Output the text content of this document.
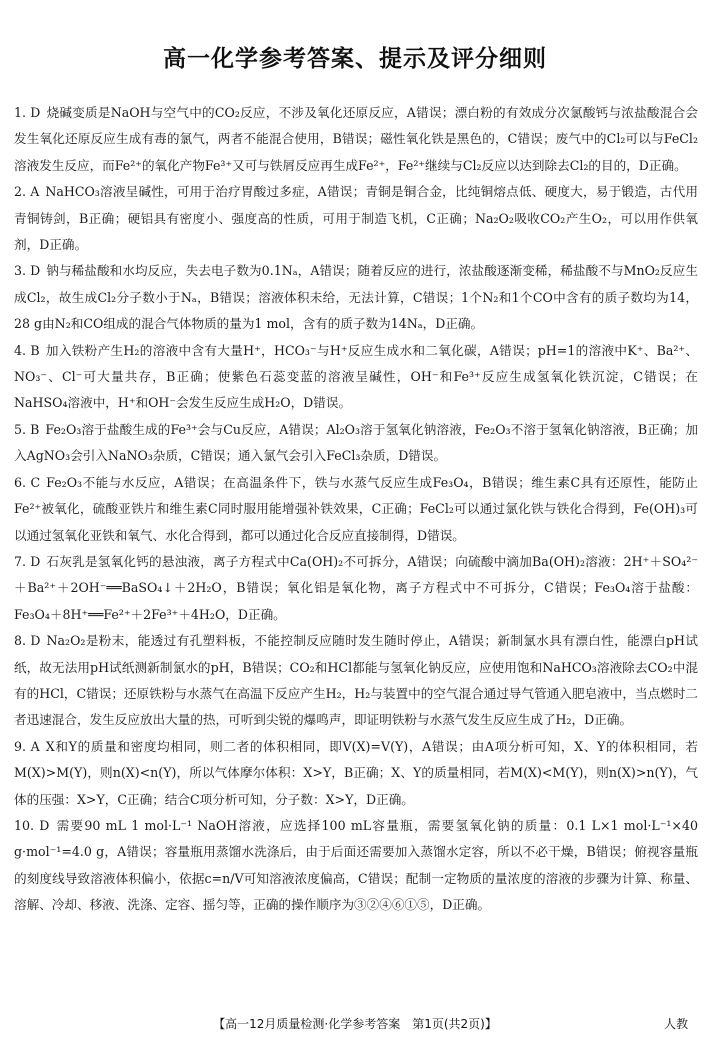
高一化学参考答案、提示及评分细则
1. D 烧碱变质是NaOH与空气中的CO₂反应，不涉及氧化还原反应，A错误；漂白粉的有效成分次氯酸钙与浓盐酸混合会发生氧化还原反应生成有毒的氯气，两者不能混合使用，B错误；磁性氧化铁是黑色的，C错误；废气中的Cl₂可以与FeCl₂溶液发生反应，而Fe²⁺的氧化产物Fe³⁺又可与铁屑反应再生成Fe²⁺，Fe²⁺继续与Cl₂反应以达到除去Cl₂的目的，D正确。
2. A NaHCO₃溶液呈碱性，可用于治疗胃酸过多症，A错误；青铜是铜合金，比纯铜熔点低、硬度大，易于锻造，古代用青铜铸剑，B正确；硬铝具有密度小、强度高的性质，可用于制造飞机，C正确；Na₂O₂吸收CO₂产生O₂，可以用作供氧剂，D正确。
3. D 钠与稀盐酸和水均反应，失去电子数为0.1Nₐ，A错误；随着反应的进行，浓盐酸逐渐变稀，稀盐酸不与MnO₂反应生成Cl₂，故生成Cl₂分子数小于Nₐ，B错误；溶液体积未给，无法计算，C错误；1个N₂和1个CO中含有的质子数均为14，28 g由N₂和CO组成的混合气体物质的量为1 mol，含有的质子数为14Nₐ，D正确。
4. B 加入铁粉产生H₂的溶液中含有大量H⁺，HCO₃⁻与H⁺反应生成水和二氧化碳，A错误；pH=1的溶液中K⁺、Ba²⁺、NO₃⁻、Cl⁻可大量共存，B正确；使紫色石蕊变蓝的溶液呈碱性，OH⁻和Fe³⁺反应生成氢氧化铁沉淀，C错误；在NaHSO₄溶液中，H⁺和OH⁻会发生反应生成H₂O，D错误。
5. B Fe₂O₃溶于盐酸生成的Fe³⁺会与Cu反应，A错误；Al₂O₃溶于氢氧化钠溶液，Fe₂O₃不溶于氢氧化钠溶液，B正确；加入AgNO₃会引入NaNO₃杂质，C错误；通入氯气会引入FeCl₃杂质，D错误。
6. C Fe₂O₃不能与水反应，A错误；在高温条件下，铁与水蒸气反应生成Fe₃O₄，B错误；维生素C具有还原性，能防止Fe²⁺被氧化，硫酸亚铁片和维生素C同时服用能增强补铁效果，C正确；FeCl₂可以通过氯化铁与铁化合得到，Fe(OH)₃可以通过氢氧化亚铁和氧气、水化合得到，都可以通过化合反应直接制得，D错误。
7. D 石灰乳是氢氧化钙的悬浊液，离子方程式中Ca(OH)₂不可拆分，A错误；向硫酸中滴加Ba(OH)₂溶液：2H⁺＋SO₄²⁻＋Ba²⁺＋2OH⁻══BaSO₄↓＋2H₂O，B错误；氧化铝是氧化物，离子方程式中不可拆分，C错误；Fe₃O₄溶于盐酸：Fe₃O₄＋8H⁺══Fe²⁺＋2Fe³⁺＋4H₂O，D正确。
8. D Na₂O₂是粉末，能透过有孔塑料板，不能控制反应随时发生随时停止，A错误；新制氯水具有漂白性，能漂白pH试纸，故无法用pH试纸测新制氯水的pH，B错误；CO₂和HCl都能与氢氧化钠反应，应使用饱和NaHCO₃溶液除去CO₂中混有的HCl，C错误；还原铁粉与水蒸气在高温下反应产生H₂，H₂与装置中的空气混合通过导气管通入肥皂液中，当点燃时二者迅速混合，发生反应放出大量的热，可听到尖锐的爆鸣声，即证明铁粉与水蒸气发生反应生成了H₂，D正确。
9. A X和Y的质量和密度均相同，则二者的体积相同，即V(X)=V(Y)，A错误；由A项分析可知，X、Y的体积相同，若M(X)>M(Y)，则n(X)<n(Y)，所以气体摩尔体积：X>Y，B正确；X、Y的质量相同，若M(X)<M(Y)，则n(X)>n(Y)，气体的压强：X>Y，C正确；结合C项分析可知，分子数：X>Y，D正确。
10. D 需要90 mL 1 mol·L⁻¹ NaOH溶液，应选择100 mL容量瓶，需要氢氧化钠的质量：0.1 L×1 mol·L⁻¹×40 g·mol⁻¹=4.0 g，A错误；容量瓶用蒸馏水洗涤后，由于后面还需要加入蒸馏水定容，所以不必干燥，B错误；俯视容量瓶的刻度线导致溶液体积偏小，依据c=n/V可知溶液浓度偏高，C错误；配制一定物质的量浓度的溶液的步骤为计算、称量、溶解、冷却、移液、洗涤、定容、摇匀等，正确的操作顺序为③②④⑥①⑤，D正确。
【高一12月质量检测·化学参考答案　第1页(共2页)】	人教
